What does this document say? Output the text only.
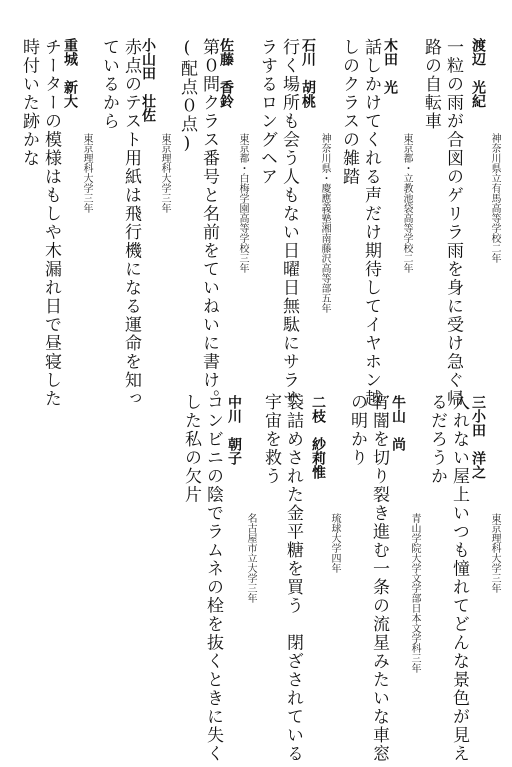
渡辺　光紀
神奈川県立有馬高等学校二年
一粒の雨が合図のゲリラ雨を身に受け急ぐ帰路の自転車
木田　光
東京都・立教池袋高等学校二年
話しかけてくれる声だけ期待してイヤホン越しのクラスの雑踏
石川　胡桃
神奈川県・慶應義塾湘南藤沢高等部五年
行く場所も会う人もない日曜日無駄にサラサラするロングヘア
佐藤　香鈴
東京都・白梅学園高等学校三年
第０問クラス番号と名前をていねいに書け。(配点０点)
小山田　壮佐
東京理科大学三年
赤点のテスト用紙は飛行機になる運命を知っているから
重城　新大
東京理科大学三年
チーターの模様はもしや木漏れ日で昼寝した時付いた跡かな
三小田　洋之
東京理科大学三年
入れない屋上いつも憧れてどんな景色が見えるだろうか
牛山　尚
青山学院大学文学部日本文学科三年
宵闇を切り裂き進む一条の流星みたいな車窓の明かり
二枝　紗莉惟
琉球大学四年
袋詰めされた金平糖を買う　閉ざされている宇宙を救う
中川　朝子
名古屋市立大学三年
コンビニの陰でラムネの栓を抜くときに失くした私の欠片
